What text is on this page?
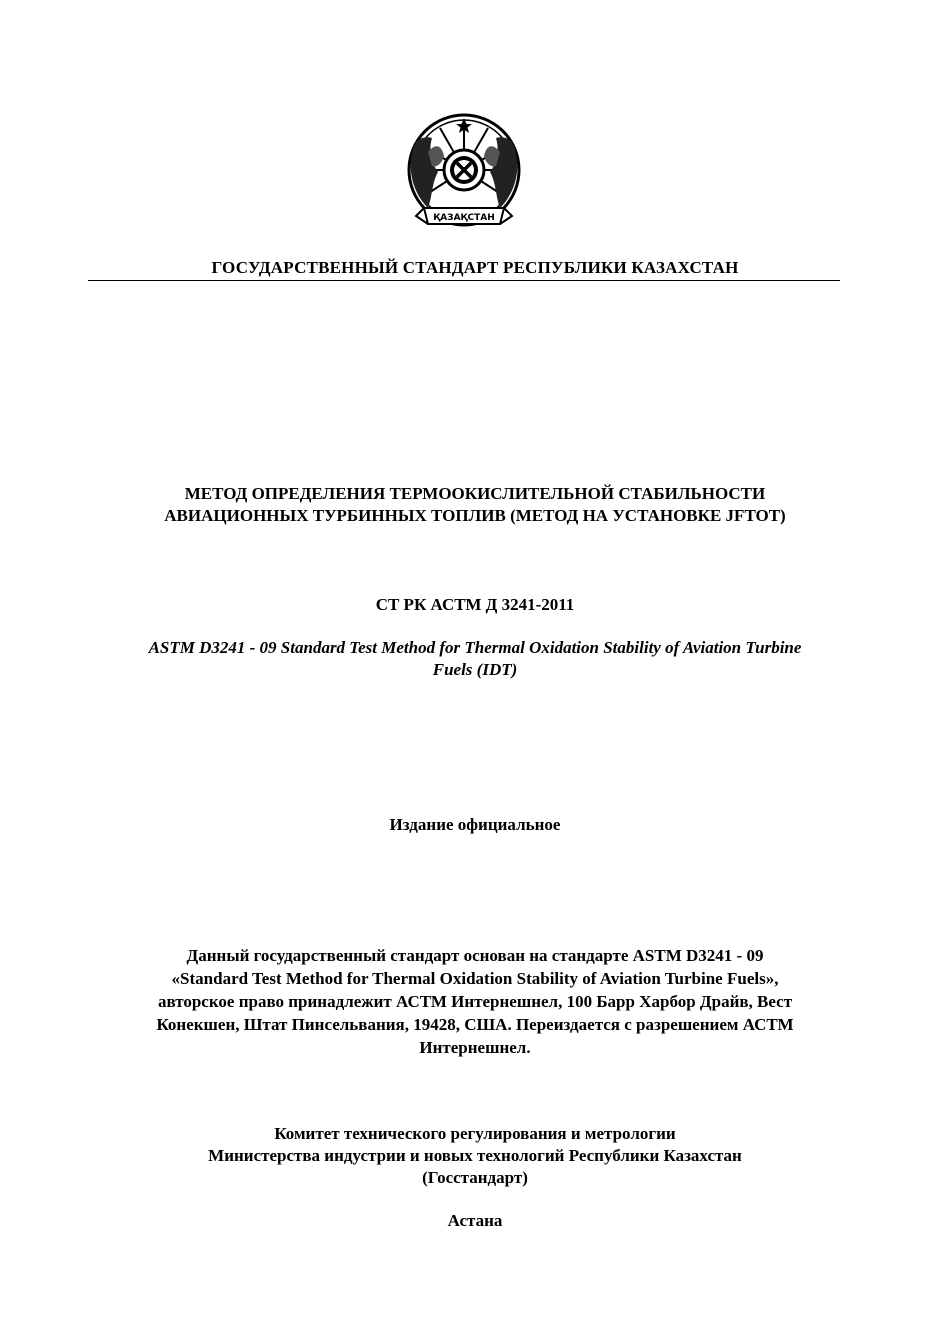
ҚАЗАҚСТАН
ГОСУДАРСТВЕННЫЙ СТАНДАРТ РЕСПУБЛИКИ КАЗАХСТАН
МЕТОД ОПРЕДЕЛЕНИЯ ТЕРМООКИСЛИТЕЛЬНОЙ СТАБИЛЬНОСТИ
АВИАЦИОННЫХ ТУРБИННЫХ ТОПЛИВ (МЕТОД НА УСТАНОВКЕ JFTOT)
СТ РК АСТМ Д 3241-2011
ASTM D3241 - 09 Standard Test Method for Thermal Oxidation Stability of Aviation Turbine
Fuels (IDT)
Издание официальное
Данный государственный стандарт основан на стандарте ASTM D3241 - 09
«Standard Test Method for Thermal Oxidation Stability of Aviation Turbine Fuels»,
авторское право принадлежит АСТМ Интернешнел, 100 Барр Харбор Драйв, Вест
Конекшен, Штат Пинсельвания, 19428, США. Переиздается с разрешением АСТМ
Интернешнел.
Комитет технического регулирования и метрологии
Министерства индустрии и новых технологий Республики Казахстан
(Госстандарт)
Астана
